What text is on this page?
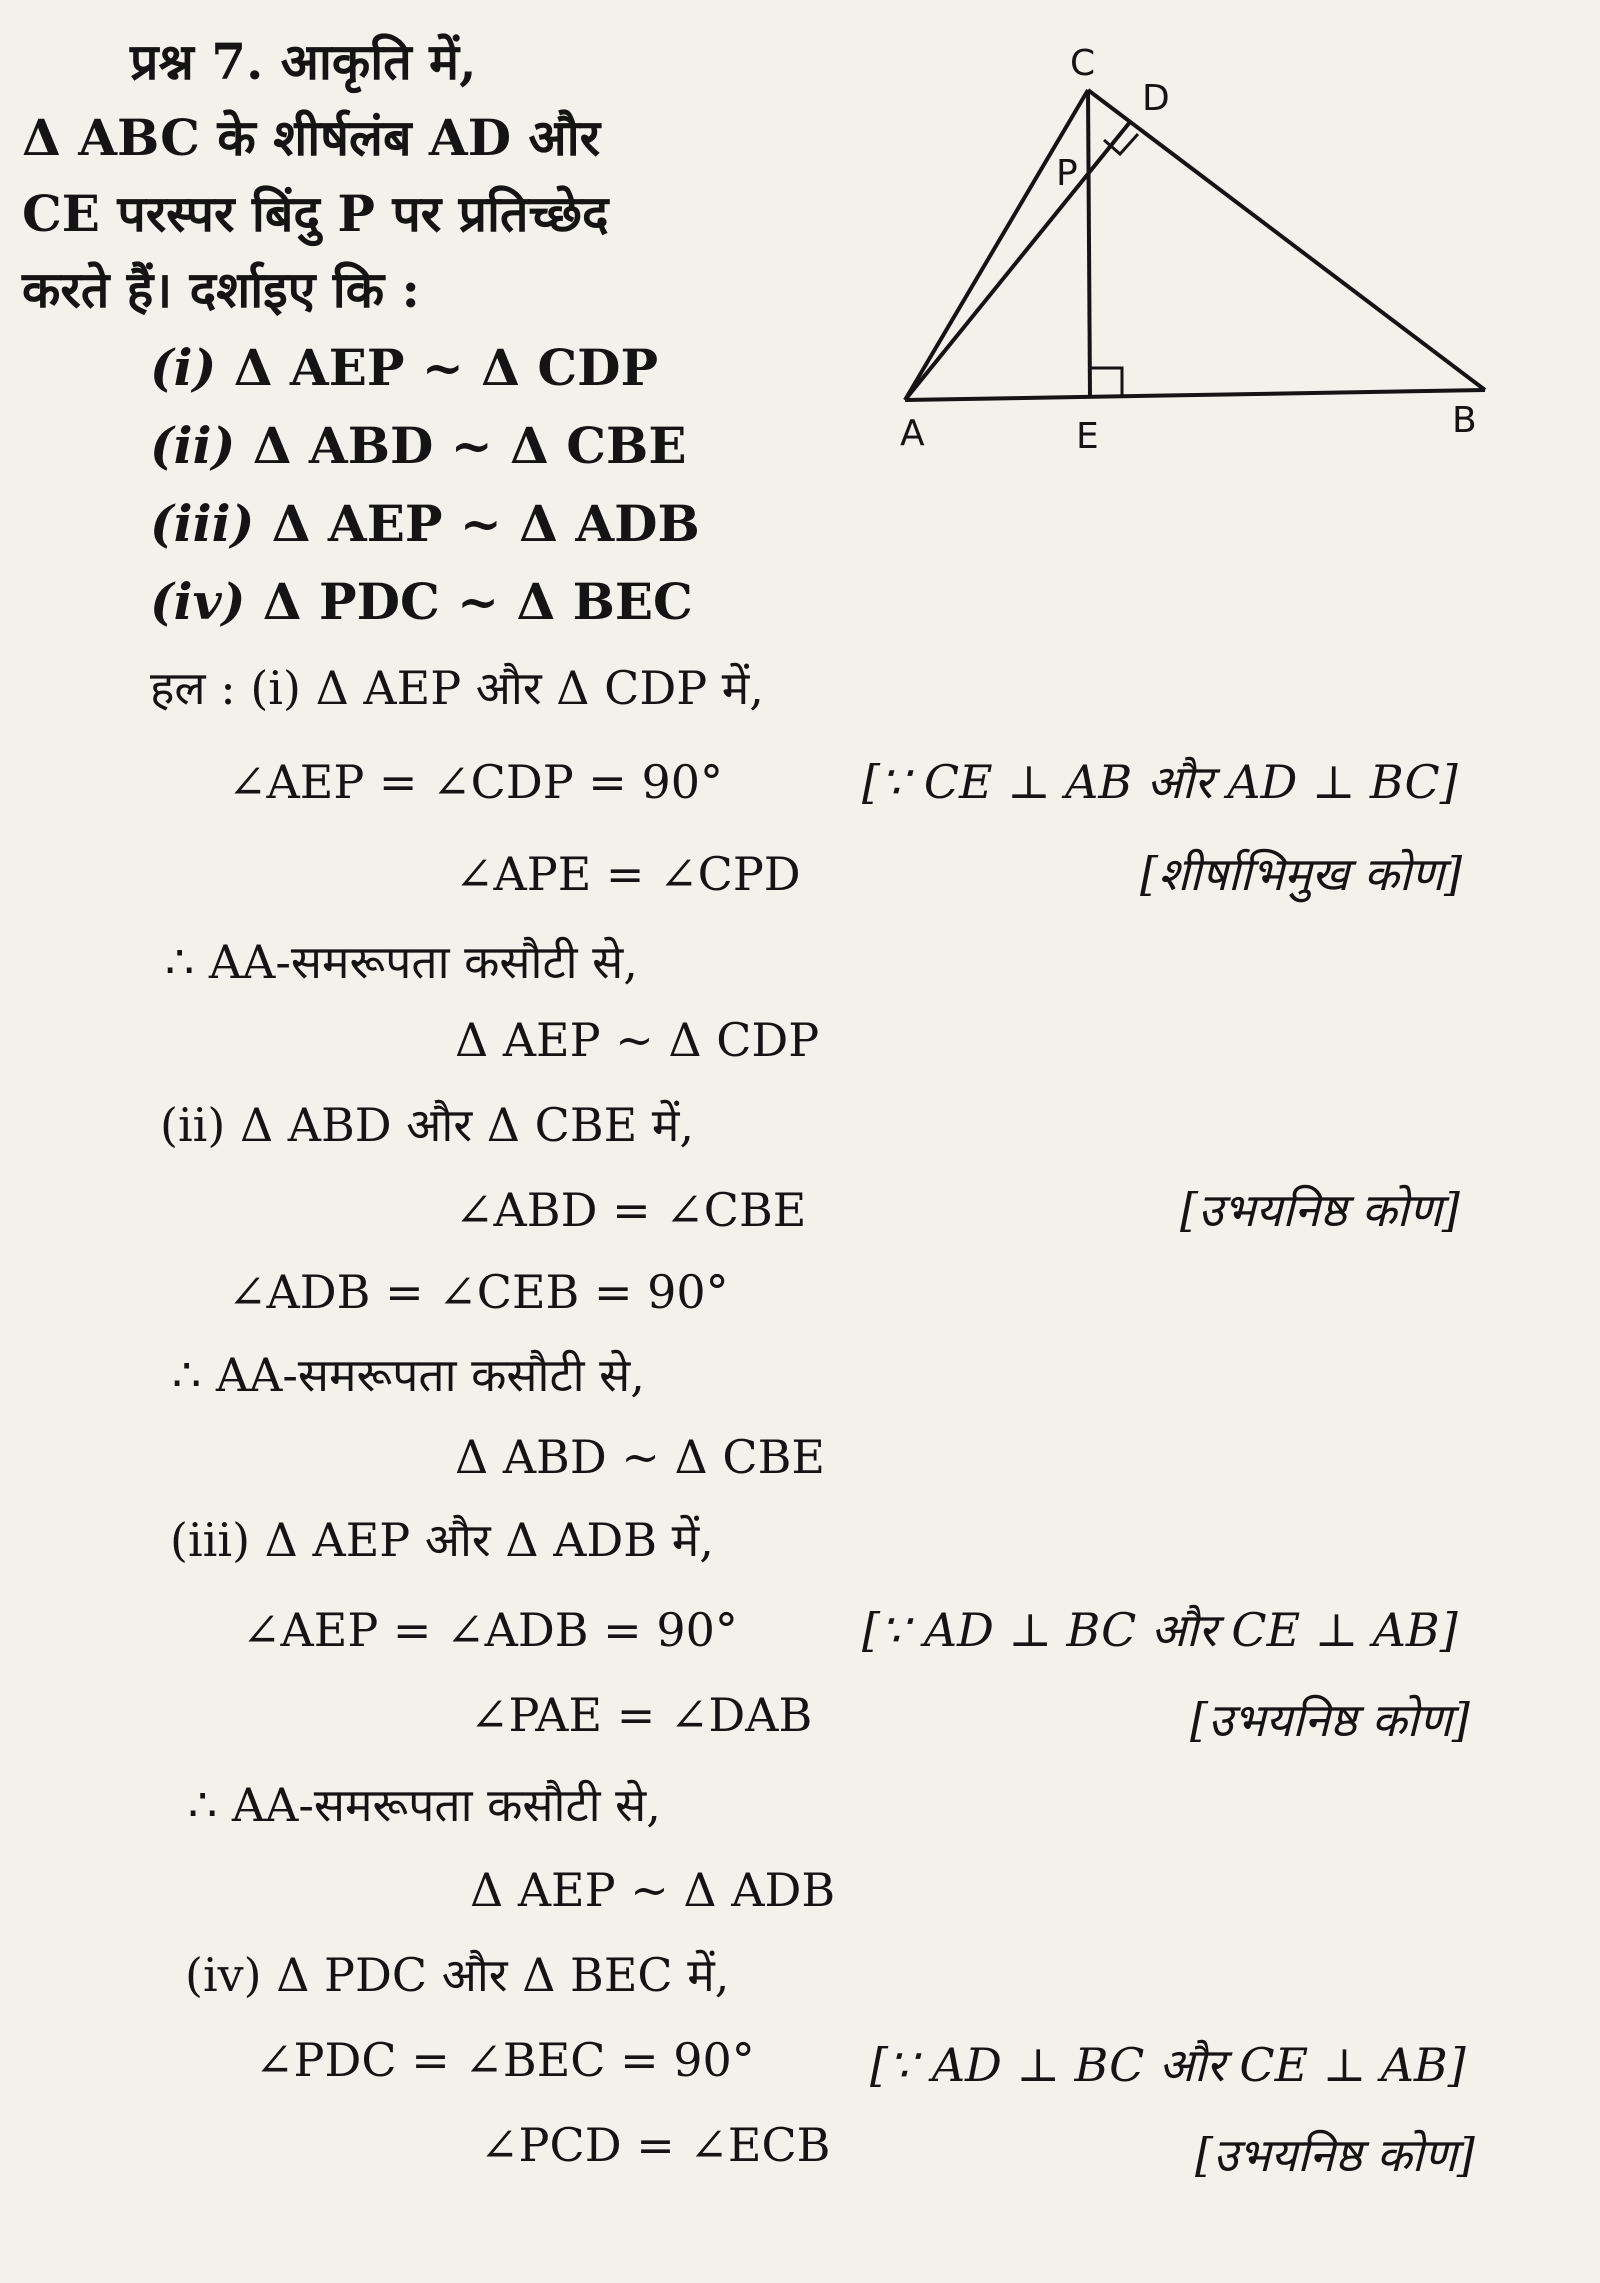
प्रश्न 7. आकृति में,
Δ ABC के शीर्षलंब AD और
CE परस्पर बिंदु P पर प्रतिच्छेद
करते हैं। दर्शाइए कि :
(i) Δ AEP ~ Δ CDP
(ii) Δ ABD ~ Δ CBE
(iii) Δ AEP ~ Δ ADB
(iv) Δ PDC ~ Δ BEC
C
D
P
A	E	B
हल : (i) Δ AEP और Δ CDP में,
∠AEP = ∠CDP = 90°	[∵ CE ⊥ AB और AD ⊥ BC]
∠APE = ∠CPD	[शीर्षाभिमुख कोण]
∴ AA-समरूपता कसौटी से,
Δ AEP ~ Δ CDP
(ii) Δ ABD और Δ CBE में,
∠ABD = ∠CBE	[उभयनिष्ठ कोण]
∠ADB = ∠CEB = 90°
∴ AA-समरूपता कसौटी से,
Δ ABD ~ Δ CBE
(iii) Δ AEP और Δ ADB में,
∠AEP = ∠ADB = 90°	[∵ AD ⊥ BC और CE ⊥ AB]
∠PAE = ∠DAB	[उभयनिष्ठ कोण]
∴ AA-समरूपता कसौटी से,
Δ AEP ~ Δ ADB
(iv) Δ PDC और Δ BEC में,
∠PDC = ∠BEC = 90°	[∵ AD ⊥ BC और CE ⊥ AB]
∠PCD = ∠ECB	[उभयनिष्ठ कोण]
